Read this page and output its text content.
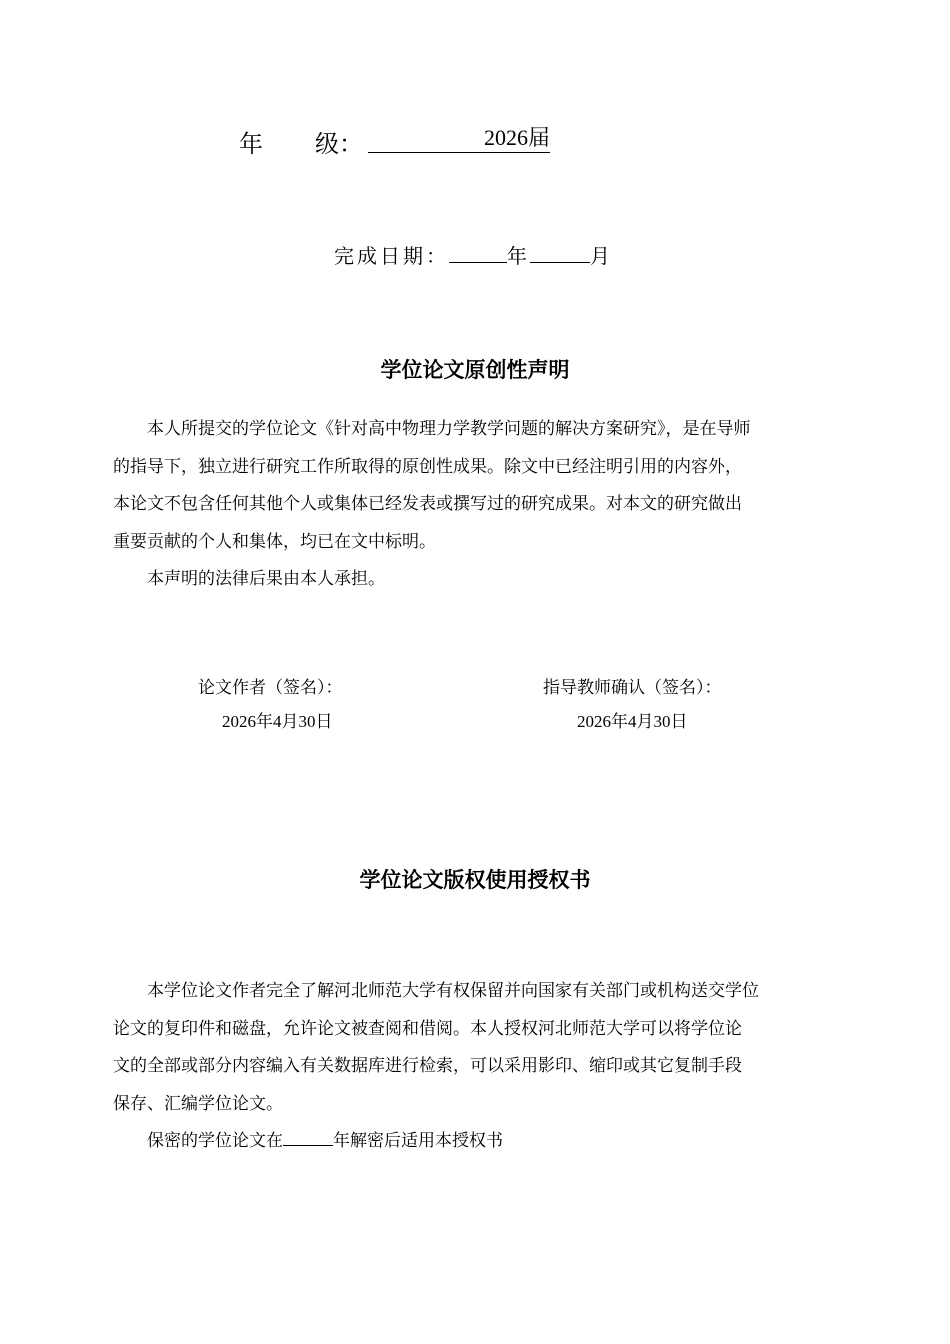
年 级：	2026届
完成日期：	年	月
学位论文原创性声明
本人所提交的学位论文《针对高中物理力学教学问题的解决方案研究》，是在导师
的指导下，独立进行研究工作所取得的原创性成果。除文中已经注明引用的内容外，
本论文不包含任何其他个人或集体已经发表或撰写过的研究成果。对本文的研究做出
重要贡献的个人和集体，均已在文中标明。
本声明的法律后果由本人承担。
论文作者（签名）：
2026年4月30日
指导教师确认（签名）：
2026年4月30日
学位论文版权使用授权书
本学位论文作者完全了解河北师范大学有权保留并向国家有关部门或机构送交学位
论文的复印件和磁盘，允许论文被查阅和借阅。本人授权河北师范大学可以将学位论
文的全部或部分内容编入有关数据库进行检索，可以采用影印、缩印或其它复制手段
保存、汇编学位论文。
保密的学位论文在	年解密后适用本授权书
